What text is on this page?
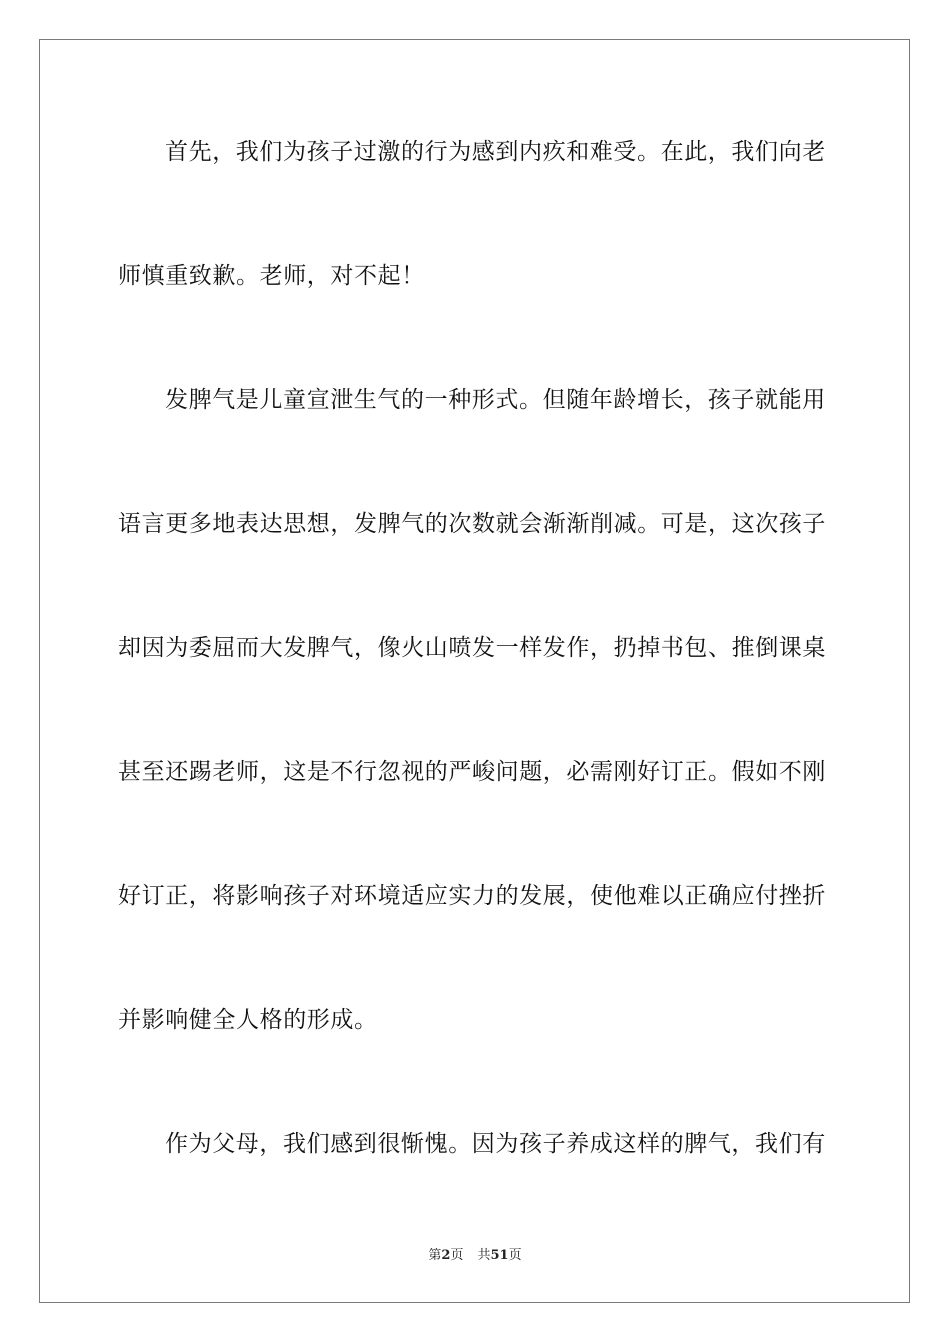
首先，我们为孩子过激的行为感到内疚和难受。在此，我们向老
师慎重致歉。老师，对不起！
发脾气是儿童宣泄生气的一种形式。但随年龄增长，孩子就能用
语言更多地表达思想，发脾气的次数就会渐渐削减。可是，这次孩子
却因为委屈而大发脾气，像火山喷发一样发作，扔掉书包、推倒课桌
甚至还踢老师，这是不行忽视的严峻问题，必需刚好订正。假如不刚
好订正，将影响孩子对环境适应实力的发展，使他难以正确应付挫折
并影响健全人格的形成。
作为父母，我们感到很惭愧。因为孩子养成这样的脾气，我们有
第2页 共51页
